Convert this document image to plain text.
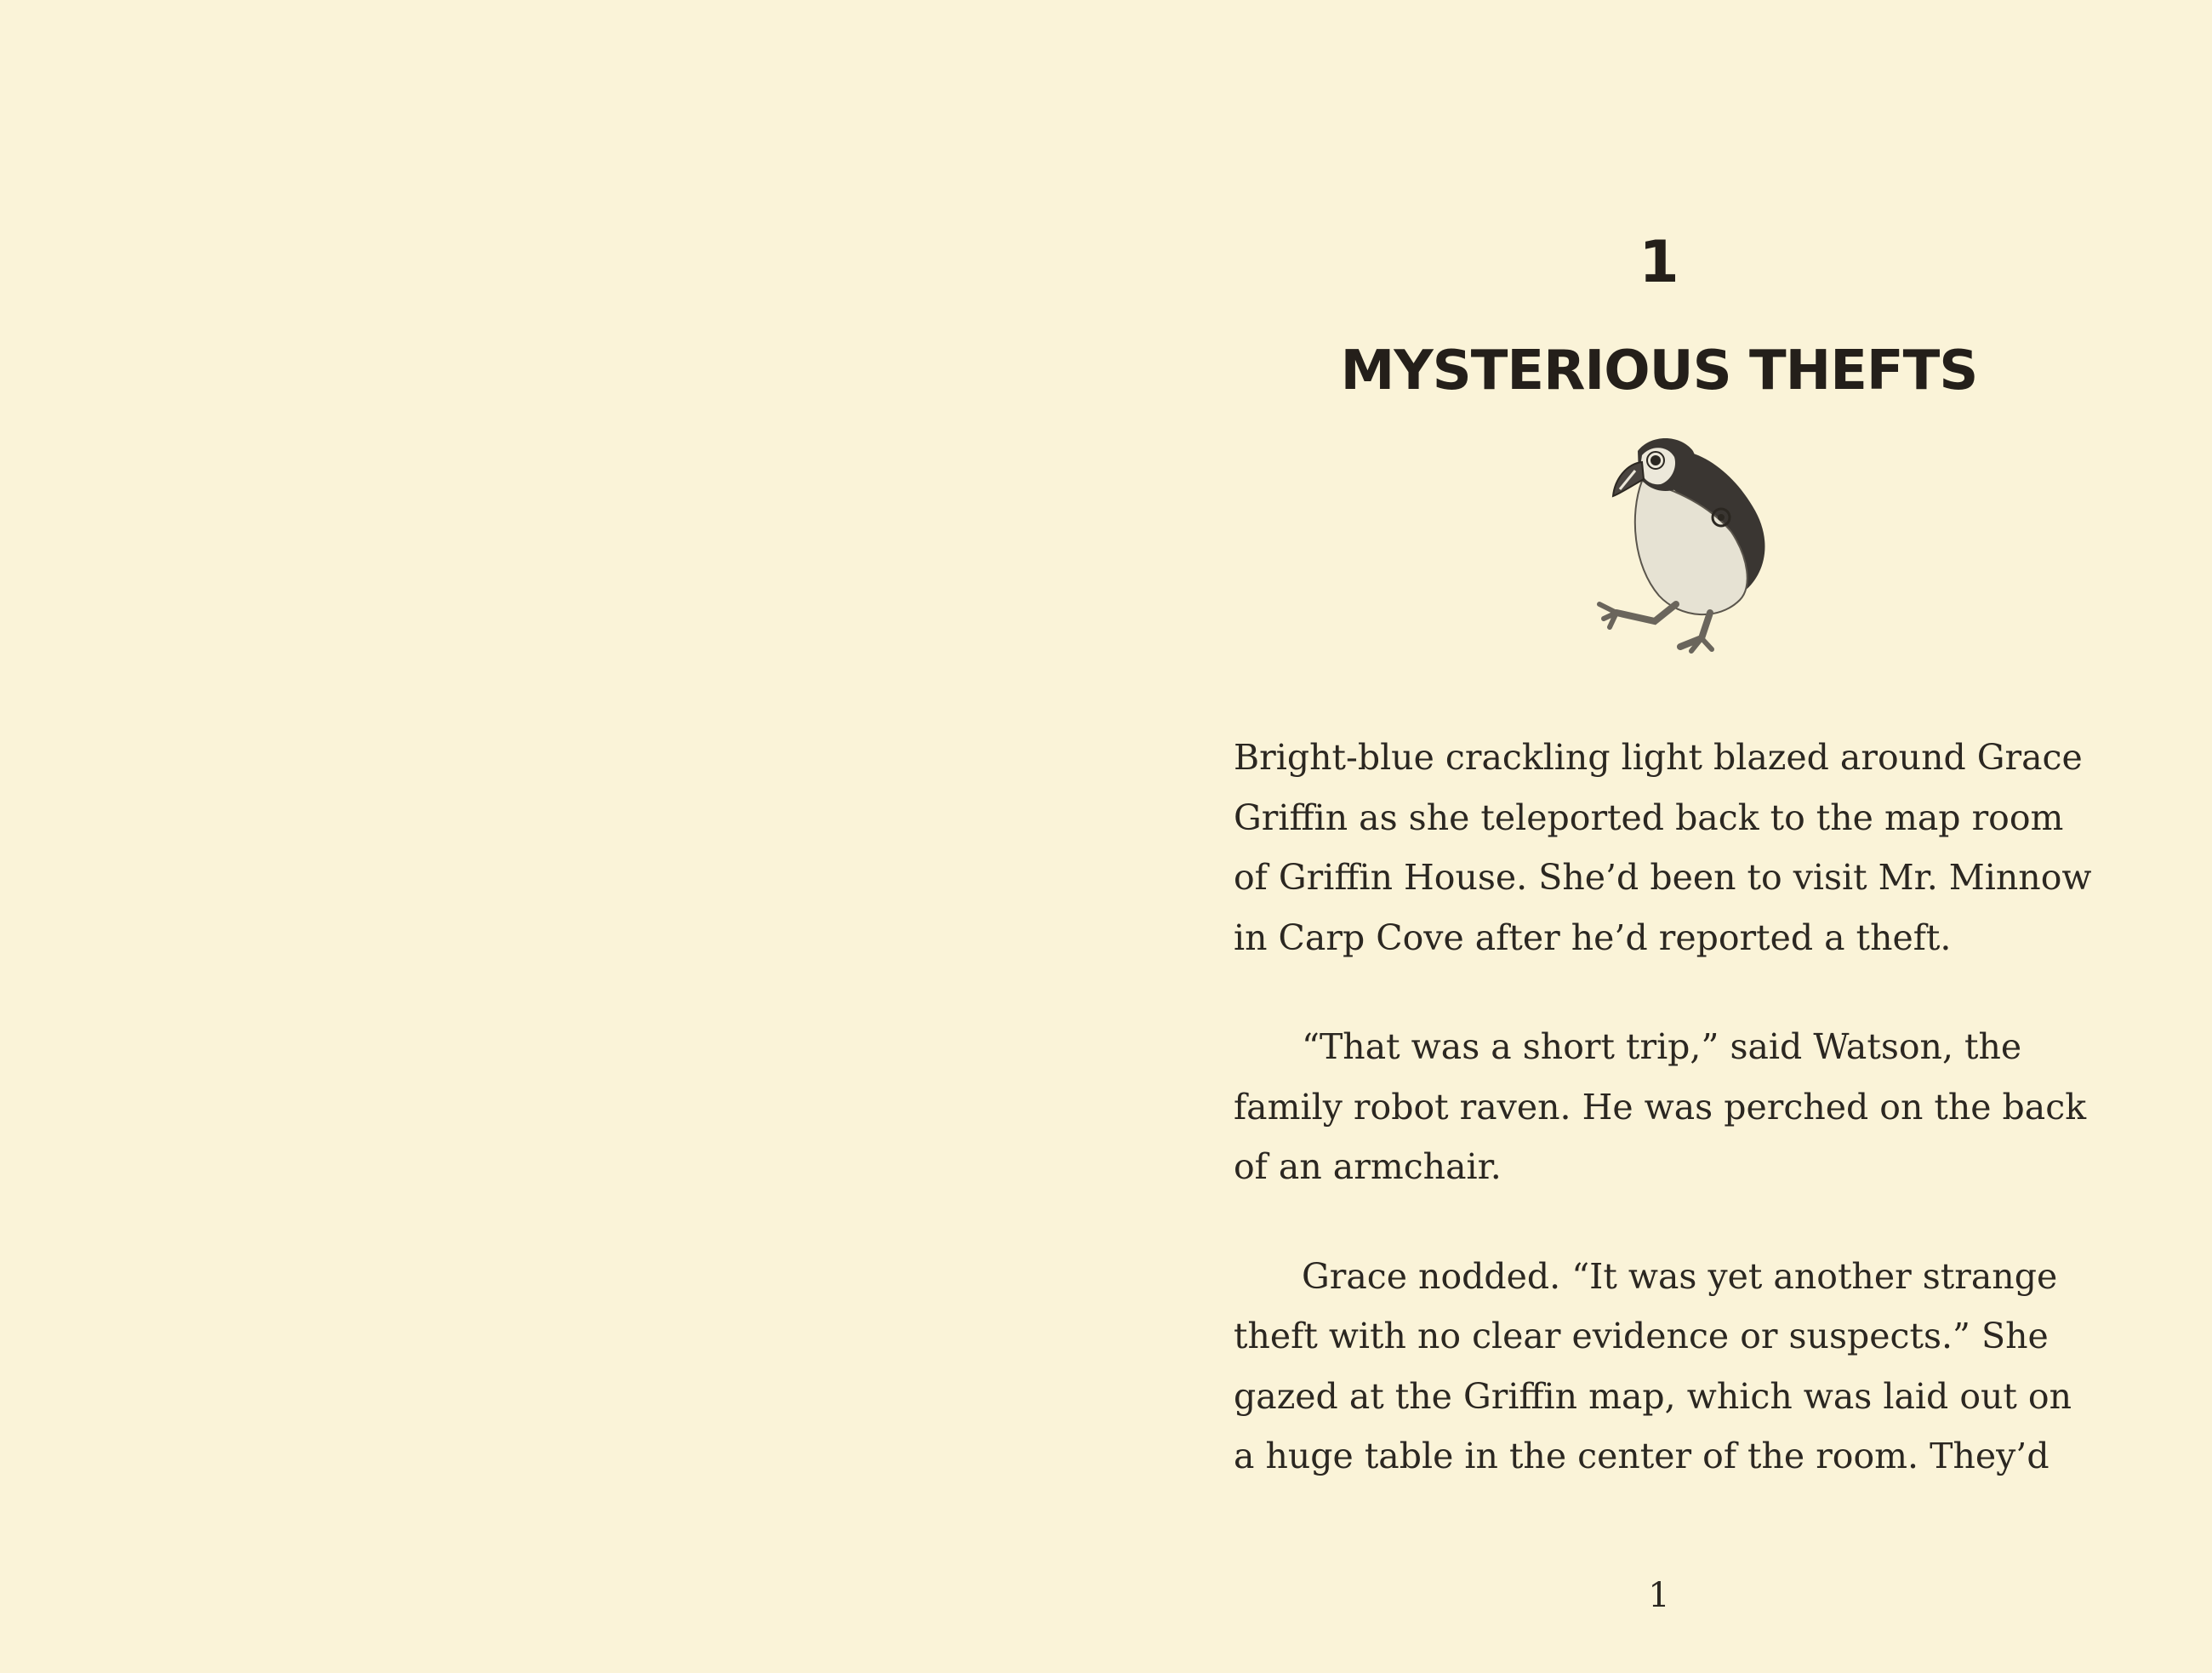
1
MYSTERIOUS THEFTS

Bright-blue crackling light blazed around Grace
Griffin as she teleported back to the map room
of Griffin House. She’d been to visit Mr. Minnow
in Carp Cove after he’d reported a theft.

“That was a short trip,” said Watson, the
family robot raven. He was perched on the back
of an armchair.

Grace nodded. “It was yet another strange
theft with no clear evidence or suspects.” She
gazed at the Griffin map, which was laid out on
a huge table in the center of the room. They’d

1
